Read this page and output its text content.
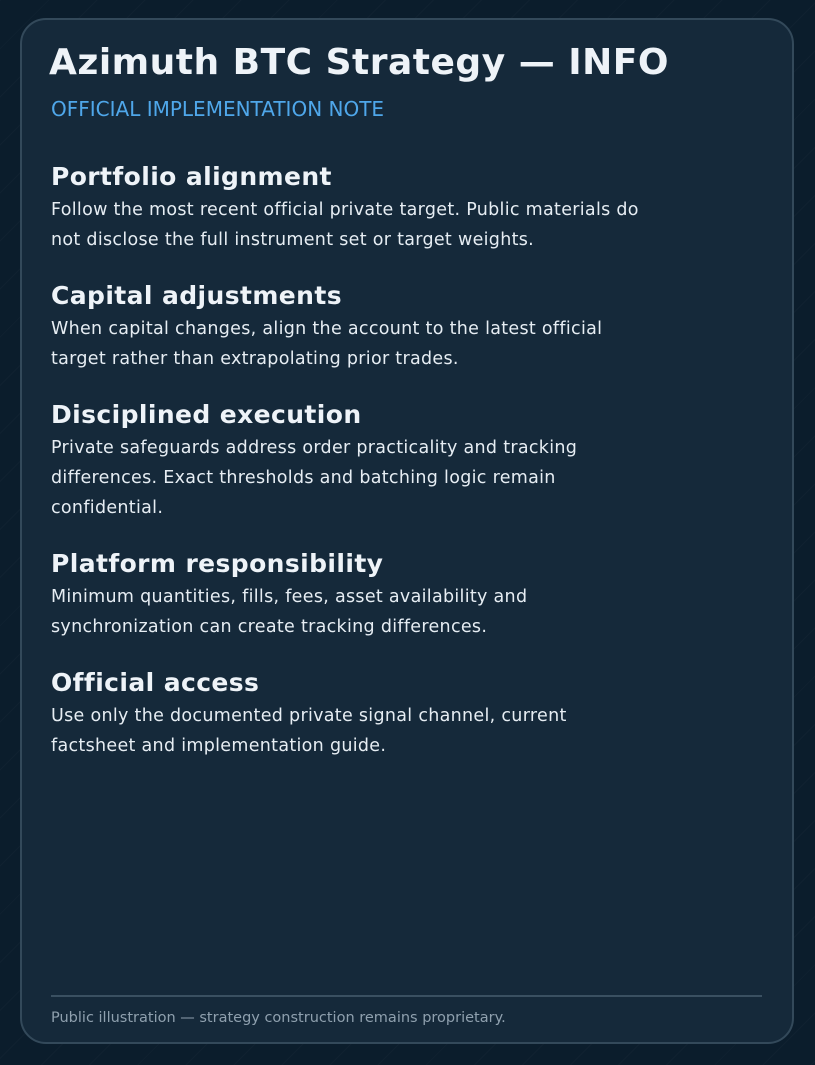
Azimuth BTC Strategy — INFO
OFFICIAL IMPLEMENTATION NOTE
Portfolio alignment

Follow the most recent official private target. Public materials do not disclose the full instrument set or target weights.

Capital adjustments

When capital changes, align the account to the latest official target rather than extrapolating prior trades.

Disciplined execution

Private safeguards address order practicality and tracking differences. Exact thresholds and batching logic remain confidential.

Platform responsibility

Minimum quantities, fills, fees, asset availability and synchronization can create tracking differences.

Official access

Use only the documented private signal channel, current factsheet and implementation guide.

Public illustration — strategy construction remains proprietary.
